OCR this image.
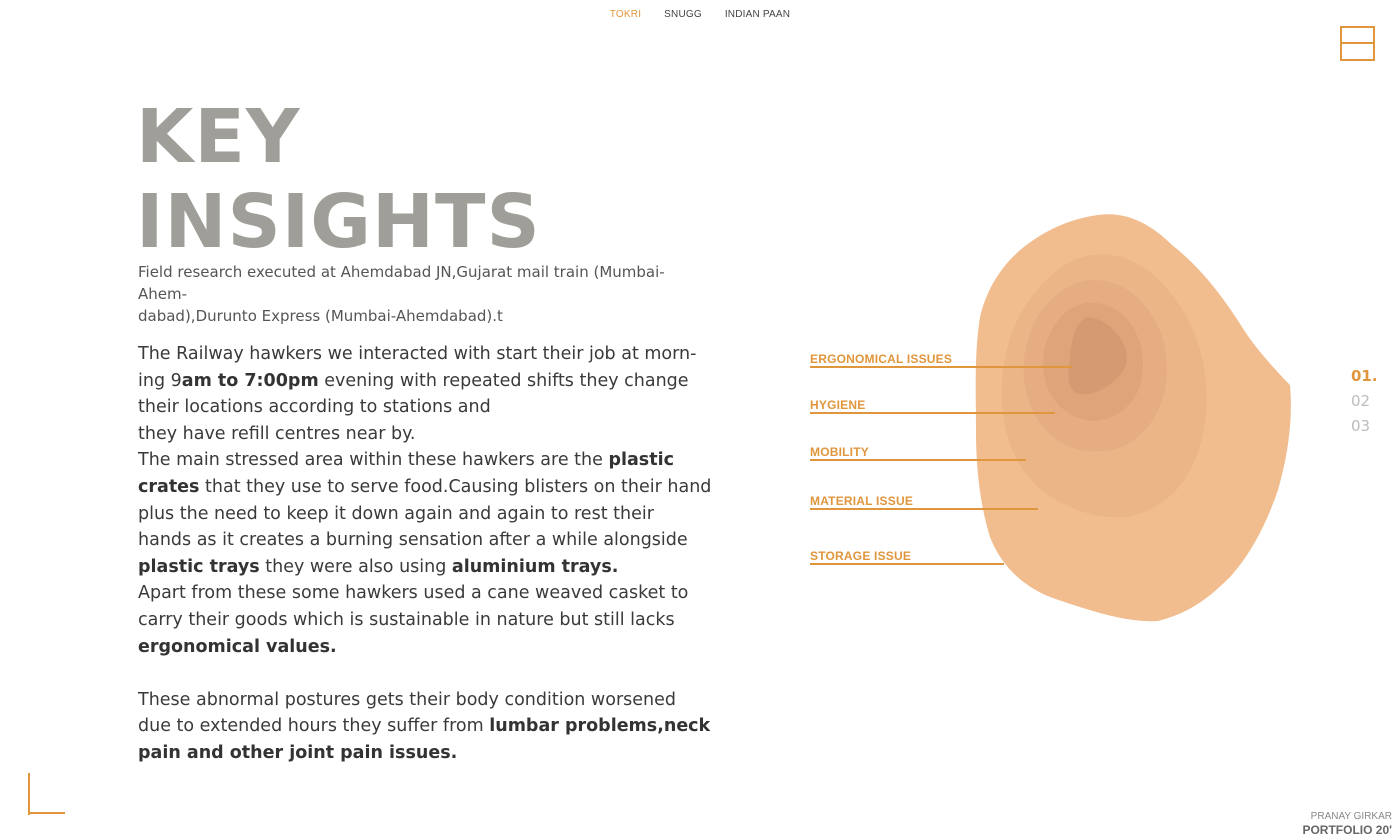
TOKRI SNUGG INDIAN PAAN
KEY
INSIGHTS

Field research executed at Ahemdabad JN,Gujarat mail train (Mumbai-Ahem-
dabad),Durunto Express (Mumbai-Ahemdabad).t

The Railway hawkers we interacted with start their job at morn-
ing 9am to 7:00pm evening with repeated shifts they change
their locations according to stations and
they have refill centres near by.

The main stressed area within these hawkers are the plastic
crates that they use to serve food.Causing blisters on their hand
plus the need to keep it down again and again to rest their
hands as it creates a burning sensation after a while alongside
plastic trays they were also using aluminium trays.

Apart from these some hawkers used a cane weaved casket to
carry their goods which is sustainable in nature but still lacks
ergonomical values.

These abnormal postures gets their body condition worsened
due to extended hours they suffer from lumbar problems,neck
pain and other joint pain issues.

ERGONOMICAL ISSUES
HYGIENE
MOBILITY
MATERIAL ISSUE
STORAGE ISSUE
01.
02
03
PRANAY GIRKAR
PORTFOLIO 20'
